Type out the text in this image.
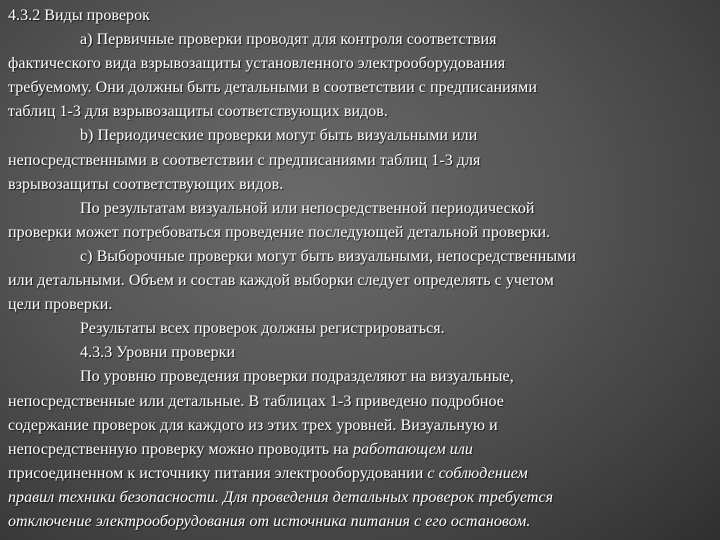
4.3.2 Виды проверок
a) Первичные проверки проводят для контроля соответствия
фактического вида взрывозащиты установленного электрооборудования
требуемому. Они должны быть детальными в соответствии с предписаниями
таблиц 1-3 для взрывозащиты соответствующих видов.
b) Периодические проверки могут быть визуальными или
непосредственными в соответствии с предписаниями таблиц 1-3 для
взрывозащиты соответствующих видов.
По результатам визуальной или непосредственной периодической
проверки может потребоваться проведение последующей детальной проверки.
с) Выборочные проверки могут быть визуальными, непосредственными
или детальными. Объем и состав каждой выборки следует определять с учетом
цели проверки.
Результаты всех проверок должны регистрироваться.
4.3.3 Уровни проверки
По уровню проведения проверки подразделяют на визуальные,
непосредственные или детальные. В таблицах 1-3 приведено подробное
содержание проверок для каждого из этих трех уровней. Визуальную и
непосредственную проверку можно проводить на работающем или
присоединенном к источнику питания электрооборудовании с соблюдением
правил техники безопасности. Для проведения детальных проверок требуется
отключение электрооборудования от источника питания с его остановом.
